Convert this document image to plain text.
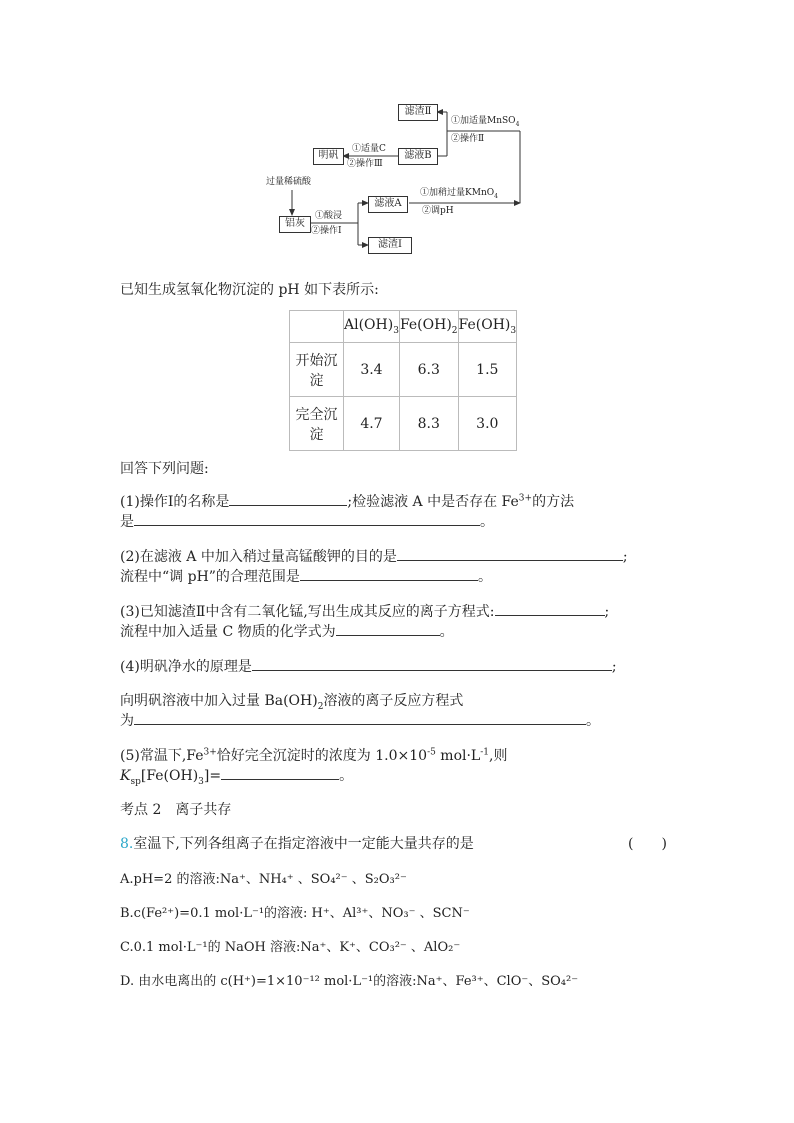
滤渣Ⅱ
滤液B
明矾
滤液A
铝灰
滤渣Ⅰ
过量稀硫酸
①加适量MnSO$_4$
②操作Ⅱ
①适量C
②操作Ⅲ
①酸浸
②操作Ⅰ
①加稍过量KMnO$_4$
②调pH
已知生成氢氧化物沉淀的 pH 如下表所示:
	$Al(OH)_3$	$Fe(OH)_2$	$Fe(OH)_3$
开始沉
淀	3.4	6.3	1.5
完全沉
淀	4.7	8.3	3.0
回答下列问题:
(1)操作Ⅰ的名称是	;检验滤液 A 中是否存在 $Fe^{3+}$的方法
是	。
(2)在滤液 A 中加入稍过量高锰酸钾的目的是	;
流程中“调 pH”的合理范围是	。
(3)已知滤渣Ⅱ中含有二氧化锰,写出生成其反应的离子方程式:	;
流程中加入适量 C 物质的化学式为	。
(4)明矾净水的原理是	;
向明矾溶液中加入过量 $Ba(OH)_2$溶液的离子反应方程式
为	。
(5)常温下$,Fe^{3+}$恰好完全沉淀时的浓度为 $1.0\times 10^{-5}$ $mol\cdot L^{-1}$,则
$K_{sp}[Fe(OH)_3]=$	。
考点 2　离子共存
8.室温下,下列各组离子在指定溶液中一定能大量共存的是	(　　)
A.pH=2 的溶液:Na⁺、NH₄⁺ 、SO₄²⁻ 、S₂O₃²⁻
B.c(Fe²⁺)=0.1 mol·L⁻¹的溶液: H⁺、Al³⁺、NO₃⁻ 、SCN⁻
C.0.1 mol·L⁻¹的 NaOH 溶液:Na⁺、K⁺、CO₃²⁻ 、AlO₂⁻
D. 由水电离出的 c(H⁺)=1×10⁻¹² mol·L⁻¹的溶液:Na⁺、Fe³⁺、ClO⁻、SO₄²⁻
